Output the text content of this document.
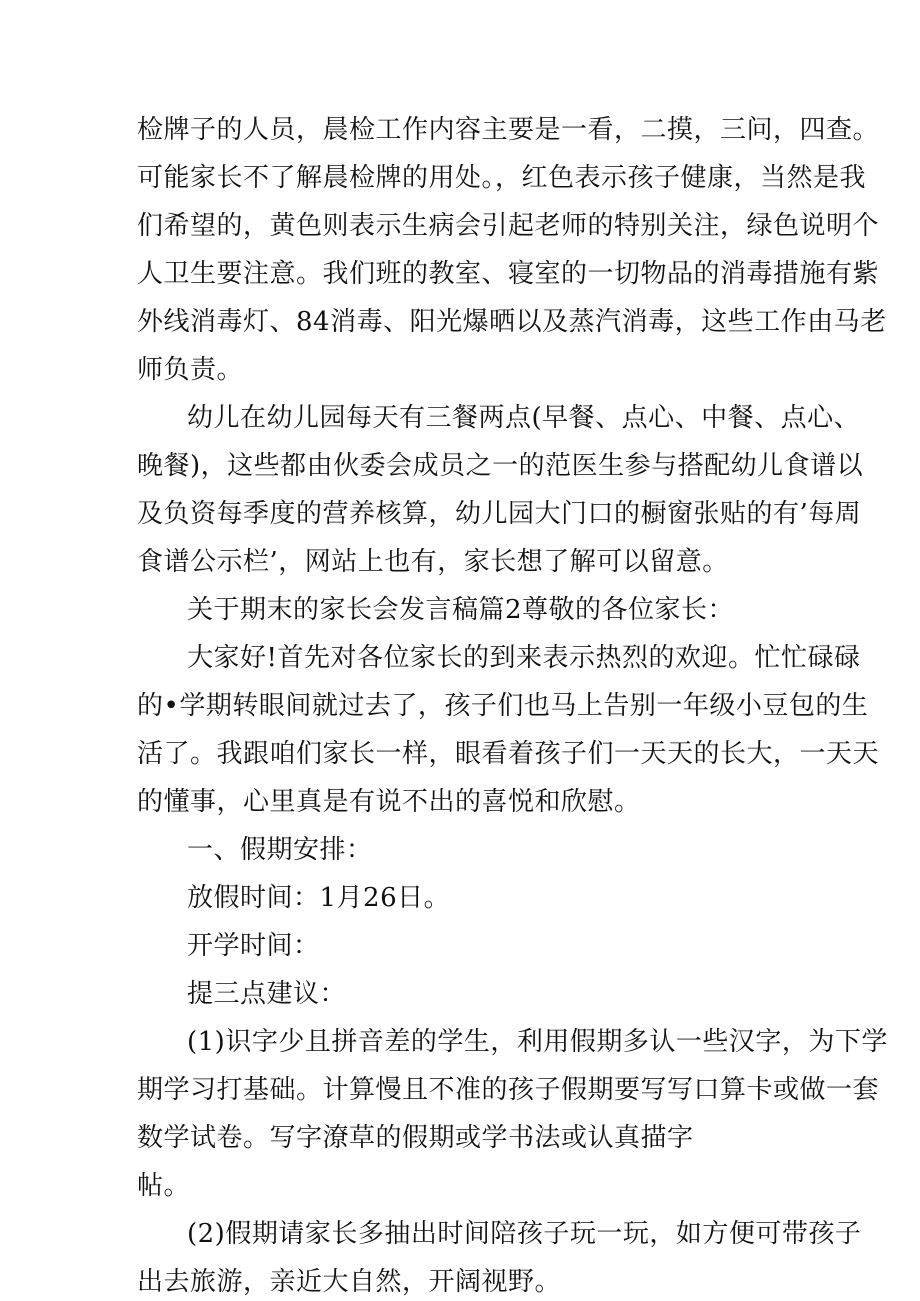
检牌子的人员，晨检工作内容主要是一看，二摸，三问，四查。
可能家长不了解晨检牌的用处。，红色表示孩子健康，当然是我
们希望的，黄色则表示生病会引起老师的特别关注，绿色说明个
人卫生要注意。我们班的教室、寝室的一切物品的消毒措施有紫
外线消毒灯、84消毒、阳光爆晒以及蒸汽消毒，这些工作由马老
师负责。
幼儿在幼儿园每天有三餐两点(早餐、点心、中餐、点心、
晚餐)，这些都由伙委会成员之一的范医生参与搭配幼儿食谱以
及负资每季度的营养核算，幼儿园大门口的橱窗张贴的有’每周
食谱公示栏’，网站上也有，家长想了解可以留意。
关于期末的家长会发言稿篇2尊敬的各位家长：
大家好!首先对各位家长的到来表示热烈的欢迎。忙忙碌碌
的•学期转眼间就过去了，孩子们也马上告别一年级小豆包的生
活了。我跟咱们家长一样，眼看着孩子们一天天的长大，一天天
的懂事，心里真是有说不出的喜悦和欣慰。
一、假期安排：
放假时间：1月26日。
开学时间：
提三点建议：
(1)识字少且拼音差的学生，利用假期多认一些汉字，为下学
期学习打基础。计算慢且不准的孩子假期要写写口算卡或做一套
数学试卷。写字潦草的假期或学书法或认真描字
帖。
(2)假期请家长多抽出时间陪孩子玩一玩，如方便可带孩子
出去旅游，亲近大自然，开阔视野。
